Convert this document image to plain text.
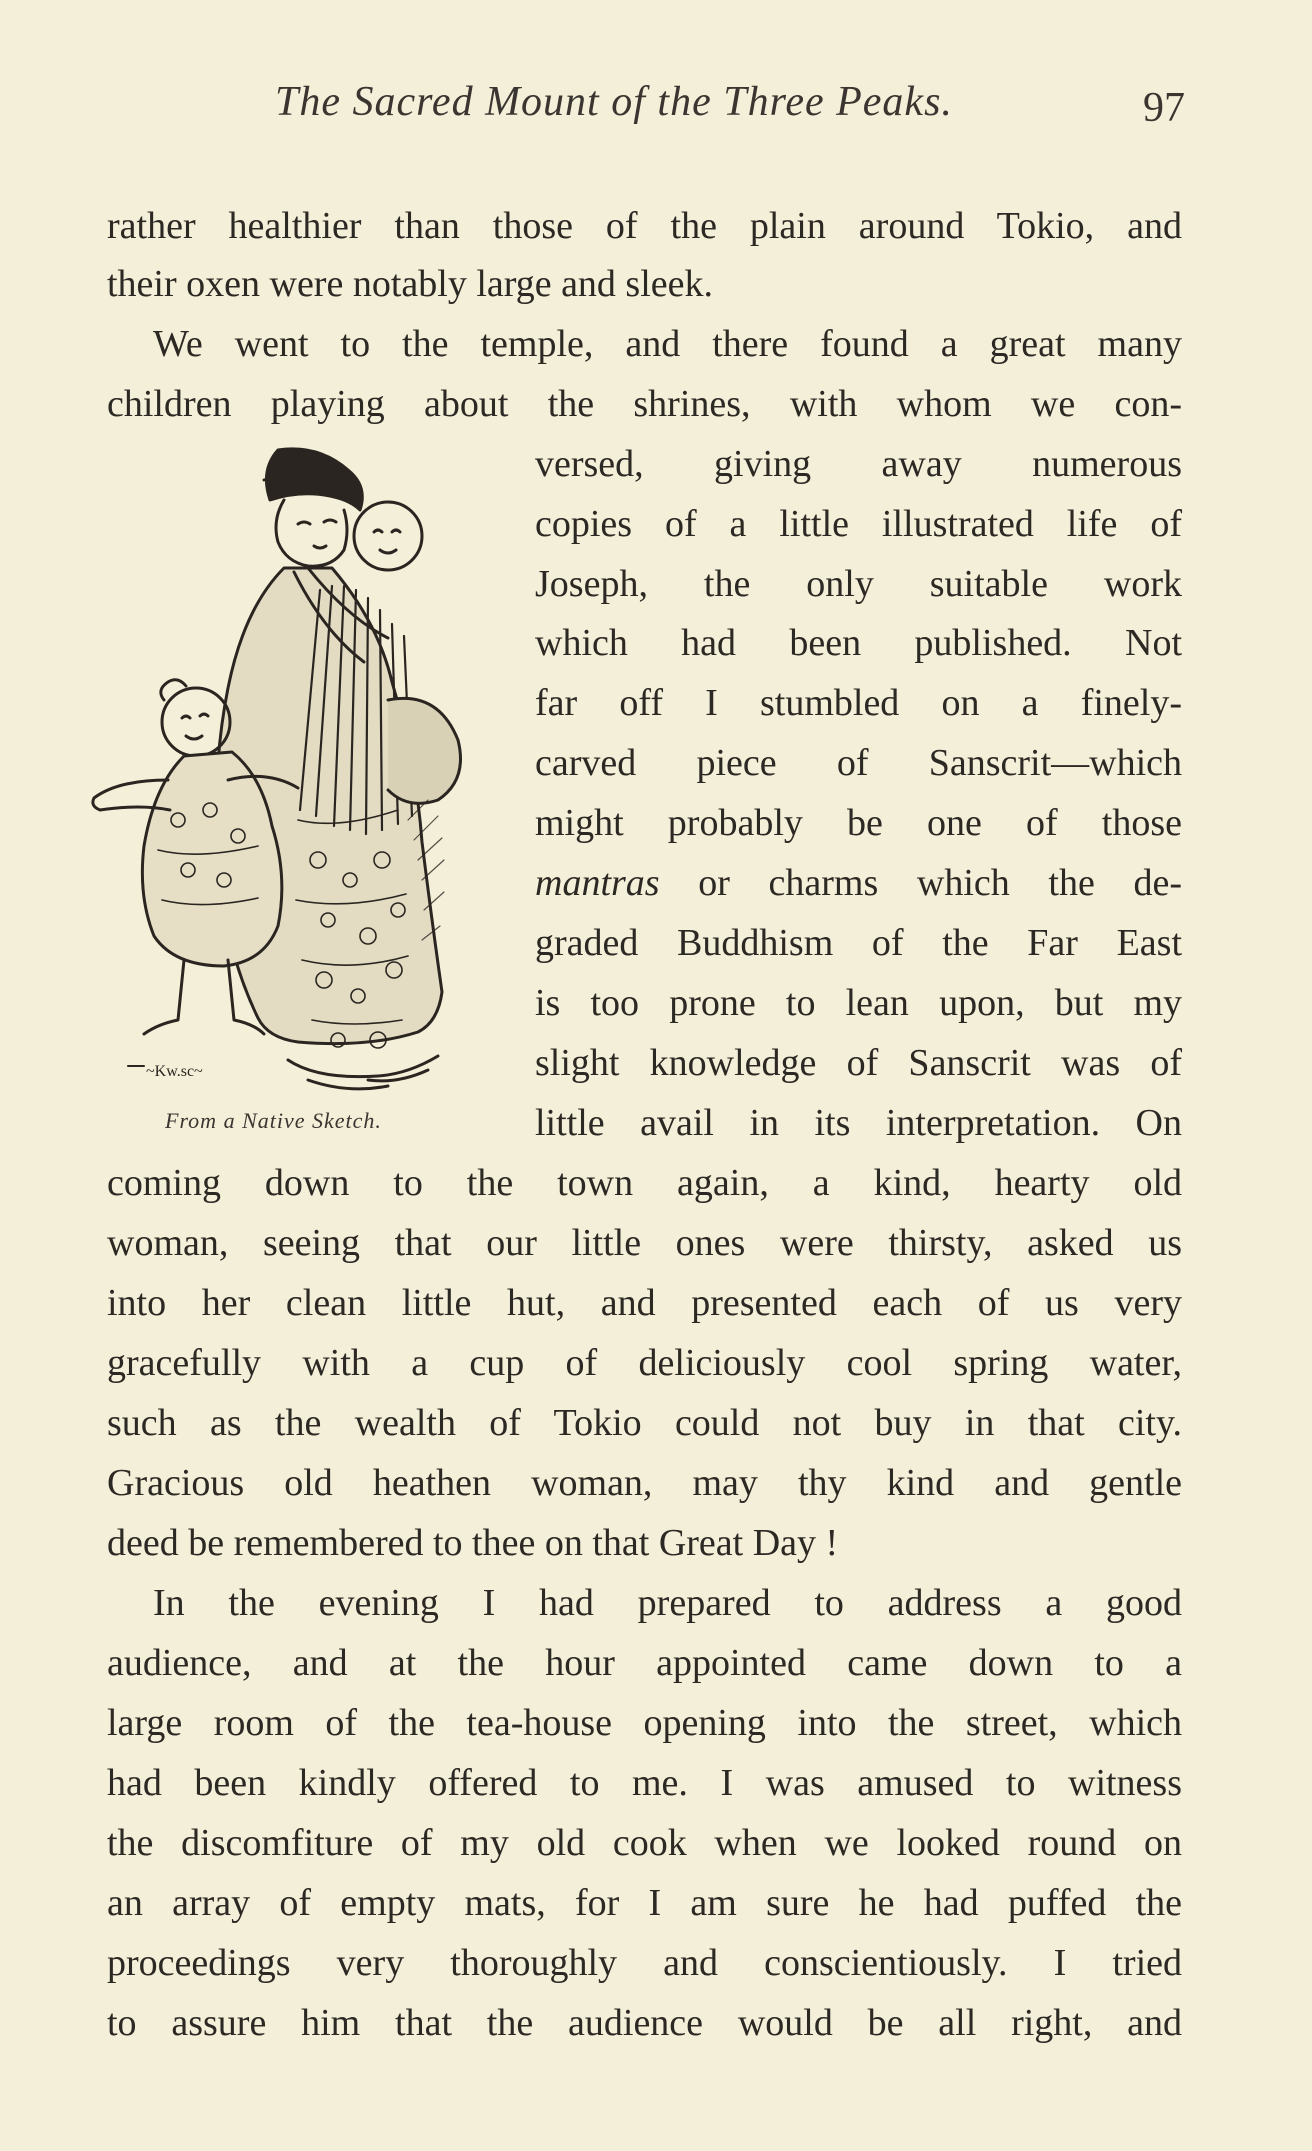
The Sacred Mount of the Three Peaks.	97
rather healthier than those of the plain around Tokio, and
their oxen were notably large and sleek.
We went to the temple, and there found a great many
children playing about the shrines, with whom we con-
versed, giving away numerous
copies of a little illustrated life of
Joseph, the only suitable work
which had been published. Not
far off I stumbled on a finely-
carved piece of Sanscrit—which
might probably be one of those
mantras or charms which the de-
graded Buddhism of the Far East
is too prone to lean upon, but my
slight knowledge of Sanscrit was of
little avail in its interpretation. On
coming down to the town again, a kind, hearty old
woman, seeing that our little ones were thirsty, asked us
into her clean little hut, and presented each of us very
gracefully with a cup of deliciously cool spring water,
such as the wealth of Tokio could not buy in that city.
Gracious old heathen woman, may thy kind and gentle
deed be remembered to thee on that Great Day !
In the evening I had prepared to address a good
audience, and at the hour appointed came down to a
large room of the tea-house opening into the street, which
had been kindly offered to me. I was amused to witness
the discomfiture of my old cook when we looked round on
an array of empty mats, for I am sure he had puffed the
proceedings very thoroughly and conscientiously. I tried
to assure him that the audience would be all right, and
~Kw.sc~
From a Native Sketch.
